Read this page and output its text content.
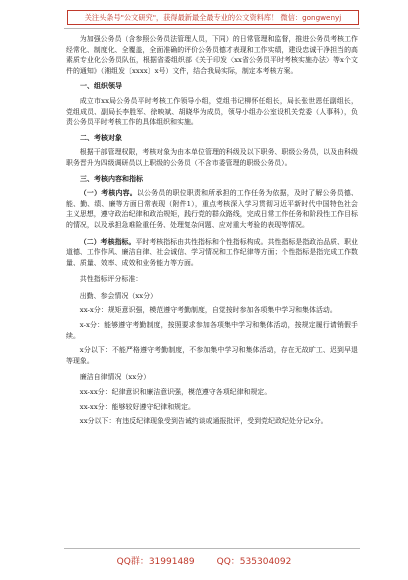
关注头条号"公文研究"，获得最新最全最专业的公文资料库！ 微信：gongwenyj

为加强公务员（含参照公务员法管理人员，下同）的日常管理和监督，推进公务员考核工作经常化、制度化、全覆盖，全面准确的评价公务员德才表现和工作实绩，建设忠诚干净担当的高素质专业化公务员队伍，根据省委组织部《关于印发〈xx省公务员平时考核实施办法〉等x个文件的通知》（湘组发〔xxxx〕x号）文件，结合我局实际，制定本考核方案。

一、组织领导

成立市xx局公务员平时考核工作领导小组，党组书记柳怀任组长，局长张世恩任副组长，党组成员、副局长李胜军、徐映斌、胡晓华为成员，领导小组办公室设机关党委（人事科），负责公务员平时考核工作的具体组织和实施。

二、考核对象

根据干部管理权限，考核对象为由本单位管理的科级及以下职务、职级公务员，以及由科级职务晋升为四级调研员以上职级的公务员（不含市委管理的职级公务员）。

三、考核内容和指标

（一）考核内容。以公务员的职位职责和所承担的工作任务为依据，及时了解公务员德、能、勤、绩、廉等方面日常表现（附件1），重点考核深入学习贯彻习近平新时代中国特色社会主义思想，遵守政治纪律和政治规矩，践行党的群众路线，完成日常工作任务和阶段性工作目标的情况，以及承担急难险重任务、处理复杂问题、应对重大考验的表现等情况。

（二）考核指标。平时考核指标由共性指标和个性指标构成。共性指标是指政治品质、职业道德、工作作风、廉洁自律、社会诚信、学习情况和工作纪律等方面；个性指标是指完成工作数量、质量、效率、成效和业务能力等方面。

共性指标评分标准：

出勤、参会情况（xx分）

xx-x分：规矩意识强，模范遵守考勤制度，自觉按时参加各项集中学习和集体活动。

x-x分：能够遵守考勤制度，按照要求参加各项集中学习和集体活动，按规定履行请销假手续。

x分以下：不能严格遵守考勤制度，不参加集中学习和集体活动，存在无故旷工、迟到早退等现象。

廉洁自律情况（xx分）

xx-xx分：纪律意识和廉洁意识强，模范遵守各项纪律和规定。

xx-xx分：能够较好遵守纪律和规定。

xx分以下：有违反纪律现象受到告诫约谈或通报批评，受到党纪政纪处分记x分。

QQ群：31991489 QQ：535304092
